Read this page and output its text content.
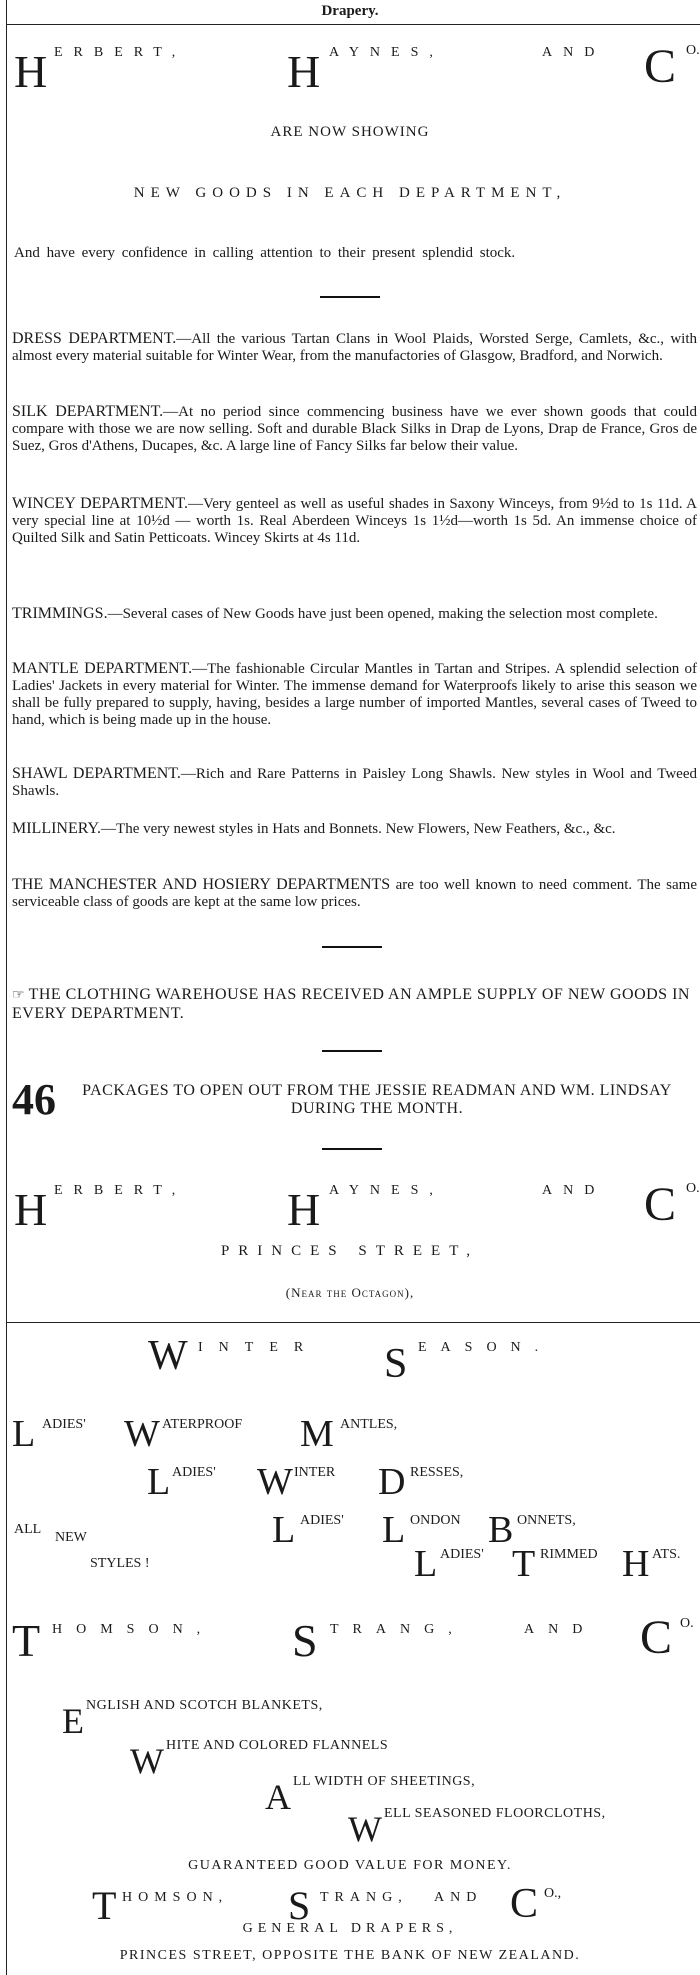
Drapery.
H ERBERT, H AYNES,	AND C O.
ARE NOW SHOWING
NEW GOODS IN EACH DEPARTMENT,
And have every confidence in calling attention to their present splendid stock.
DRESS DEPARTMENT.—All the various Tartan Clans in Wool Plaids, Worsted Serge, Camlets, &c., with almost every material suitable for Winter Wear, from the manufactories of Glasgow, Bradford, and Norwich.
SILK DEPARTMENT.—At no period since commencing business have we ever shown goods that could compare with those we are now selling. Soft and durable Black Silks in Drap de Lyons, Drap de France, Gros de Suez, Gros d'Athens, Ducapes, &c. A large line of Fancy Silks far below their value.
WINCEY DEPARTMENT.—Very genteel as well as useful shades in Saxony Winceys, from 9½d to 1s 11d. A very special line at 10½d — worth 1s. Real Aberdeen Winceys 1s 1½d—worth 1s 5d. An immense choice of Quilted Silk and Satin Petticoats. Wincey Skirts at 4s 11d.
TRIMMINGS.—Several cases of New Goods have just been opened, making the selection most complete.
MANTLE DEPARTMENT.—The fashionable Circular Mantles in Tartan and Stripes. A splendid selection of Ladies' Jackets in every material for Winter. The immense demand for Waterproofs likely to arise this season we shall be fully prepared to supply, having, besides a large number of imported Mantles, several cases of Tweed to hand, which is being made up in the house.
SHAWL DEPARTMENT.—Rich and Rare Patterns in Paisley Long Shawls. New styles in Wool and Tweed Shawls.
MILLINERY.—The very newest styles in Hats and Bonnets. New Flowers, New Feathers, &c., &c.
THE MANCHESTER AND HOSIERY DEPARTMENTS are too well known to need comment. The same serviceable class of goods are kept at the same low prices.
☞ THE CLOTHING WAREHOUSE HAS RECEIVED AN AMPLE SUPPLY OF NEW GOODS IN EVERY DEPARTMENT.
46	PACKAGES TO OPEN OUT FROM THE JESSIE READMAN AND WM. LINDSAY DURING THE MONTH.
H ERBERT, H AYNES,	AND C O.
PRINCES STREET,
(Near the Octagon),
W INTER S EASON.
L ADIES' W ATERPROOF M ANTLES,
L ADIES' W INTER D RESSES,
ALL	L ADIES' L ONDON B ONNETS,
NEW
STYLES !	L ADIES' T RIMMED H ATS.
T HOMSON, S TRANG,	AND C O.
E NGLISH AND SCOTCH BLANKETS,
W HITE AND COLORED FLANNELS
A LL WIDTH OF SHEETINGS,
W ELL SEASONED FLOORCLOTHS,
GUARANTEED GOOD VALUE FOR MONEY.
T HOMSON, S TRANG, AND C O.,
GENERAL DRAPERS,
PRINCES STREET, OPPOSITE THE BANK OF NEW ZEALAND.
